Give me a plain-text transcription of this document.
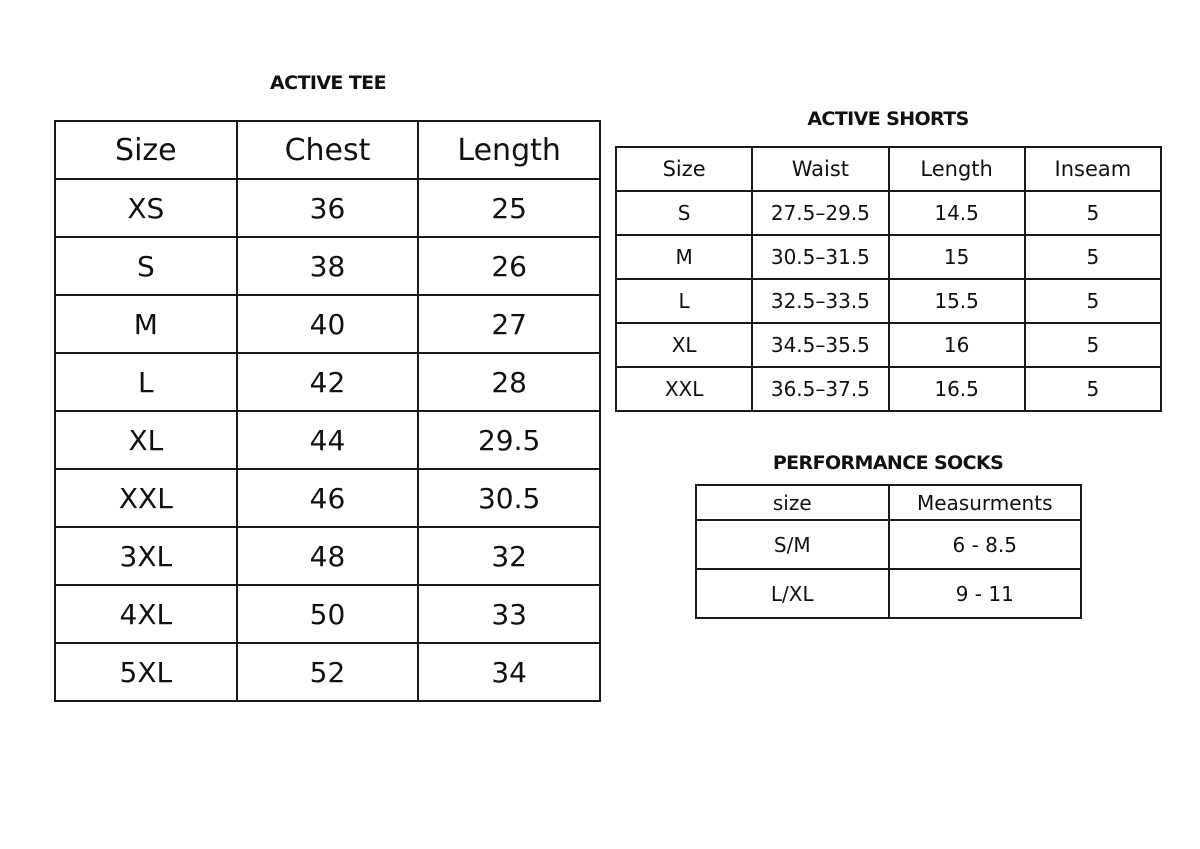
ACTIVE TEE
Size	Chest	Length
XS	36	25
S	38	26
M	40	27
L	42	28
XL	44	29.5
XXL	46	30.5
3XL	48	32
4XL	50	33
5XL	52	34
ACTIVE SHORTS
Size	Waist	Length	Inseam
S	27.5–29.5	14.5	5
M	30.5–31.5	15	5
L	32.5–33.5	15.5	5
XL	34.5–35.5	16	5
XXL	36.5–37.5	16.5	5
PERFORMANCE SOCKS
size	Measurments
S/M	6 - 8.5
L/XL	9 - 11
